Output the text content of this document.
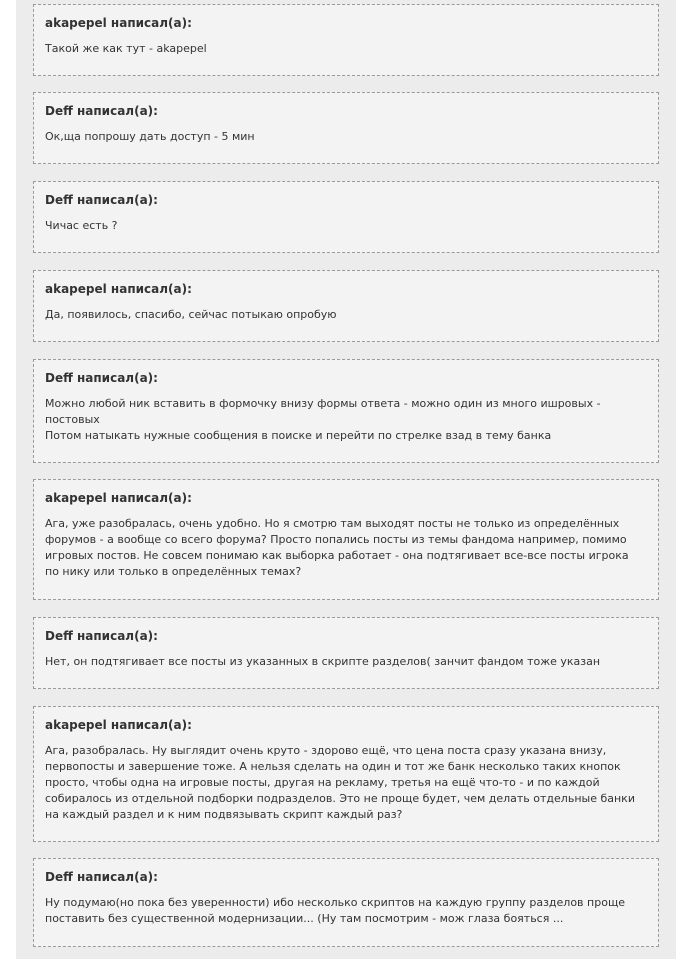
akapepel написал(а):
Такой же как тут - akapepel
Deff написал(а):
Ок,ща попрошу дать доступ - 5 мин
Deff написал(а):
Чичас есть ?
akapepel написал(а):
Да, появилось, спасибо, сейчас потыкаю опробую
Deff написал(а):
Можно любой ник вставить в формочку внизу формы ответа - можно один из много ишровых -
постовых
Потом натыкать нужные сообщения в поиске и перейти по стрелке взад в тему банка
akapepel написал(а):
Ага, уже разобралась, очень удобно. Но я смотрю там выходят посты не только из определённых
форумов - а вообще со всего форума? Просто попались посты из темы фандома например, помимо
игровых постов. Не совсем понимаю как выборка работает - она подтягивает все-все посты игрока
по нику или только в определённых темах?
Deff написал(а):
Нет, он подтягивает все посты из указанных в скрипте разделов( занчит фандом тоже указан
akapepel написал(а):
Ага, разобралась. Ну выглядит очень круто - здорово ещё, что цена поста сразу указана внизу,
первопосты и завершение тоже. А нельзя сделать на один и тот же банк несколько таких кнопок
просто, чтобы одна на игровые посты, другая на рекламу, третья на ещё что-то - и по каждой
собиралось из отдельной подборки подразделов. Это не проще будет, чем делать отдельные банки
на каждый раздел и к ним подвязывать скрипт каждый раз?
Deff написал(а):
Ну подумаю(но пока без уверенности) ибо несколько скриптов на каждую группу разделов проще
поставить без существенной модернизации... (Ну там посмотрим - мож глаза бояться ...
